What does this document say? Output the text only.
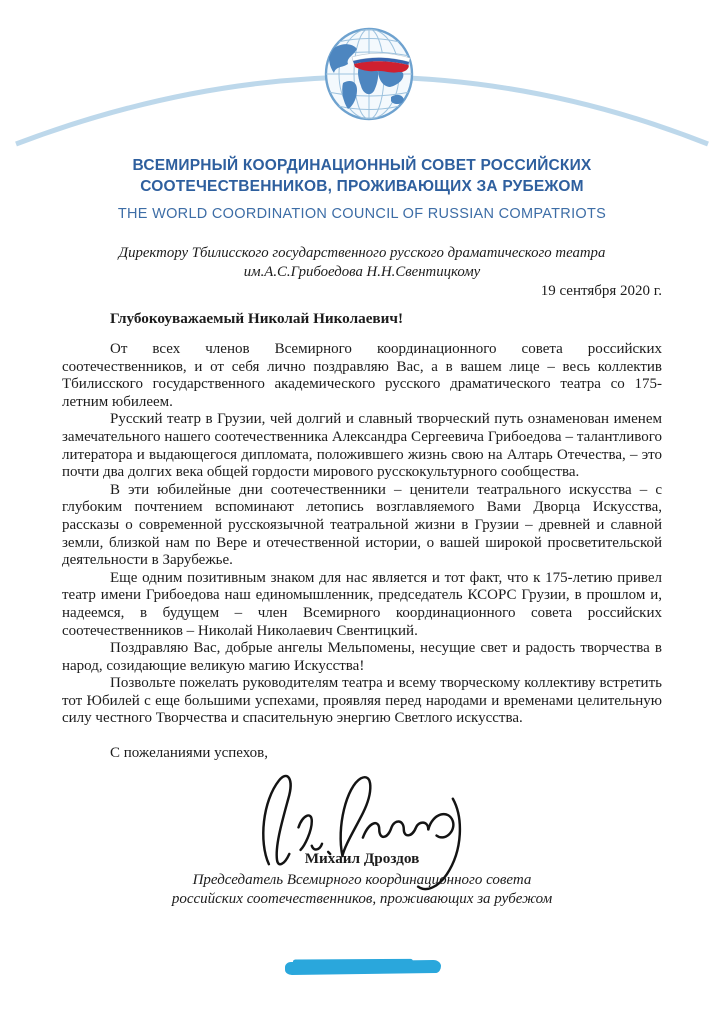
ВСЕМИРНЫЙ КООРДИНАЦИОННЫЙ СОВЕТ РОССИЙСКИХ
СООТЕЧЕСТВЕННИКОВ, ПРОЖИВАЮЩИХ ЗА РУБЕЖОМ
THE WORLD COORDINATION COUNCIL OF RUSSIAN COMPATRIOTS
Директору Тбилисского государственного русского драматического театра
им.А.С.Грибоедова Н.Н.Свентицкому
19 сентября 2020 г.

Глубокоуважаемый Николай Николаевич!

От всех членов Всемирного координационного совета российских соотечественников, и от себя лично поздравляю Вас, а в вашем лице – весь коллектив Тбилисского государственного академического русского драматического театра со 175-летним юбилеем.

Русский театр в Грузии, чей долгий и славный творческий путь ознаменован именем замечательного нашего соотечественника Александра Сергеевича Грибоедова – талантливого литератора и выдающегося дипломата, положившего жизнь свою на Алтарь Отечества, – это почти два долгих века общей гордости мирового русскокультурного сообщества.

В эти юбилейные дни соотечественники – ценители театрального искусства – с глубоким почтением вспоминают летопись возглавляемого Вами Дворца Искусства, рассказы о современной русскоязычной театральной жизни в Грузии – древней и славной земли, близкой нам по Вере и отечественной истории, о вашей широкой просветительской деятельности в Зарубежье.

Еще одним позитивным знаком для нас является и тот факт, что к 175-летию привел театр имени Грибоедова наш единомышленник, председатель КСОРС Грузии, в прошлом и, надеемся, в будущем – член Всемирного координационного совета российских соотечественников – Николай Николаевич Свентицкий.

Поздравляю Вас, добрые ангелы Мельпомены, несущие свет и радость творчества в народ, созидающие великую магию Искусства!

Позвольте пожелать руководителям театра и всему творческому коллективу встретить тот Юбилей с еще большими успехами, проявляя перед народами и временами целительную силу честного Творчества и спасительную энергию Светлого искусства.

С пожеланиями успехов,

Михаил Дроздов
Председатель Всемирного координационного совета
российских соотечественников, проживающих за рубежом
